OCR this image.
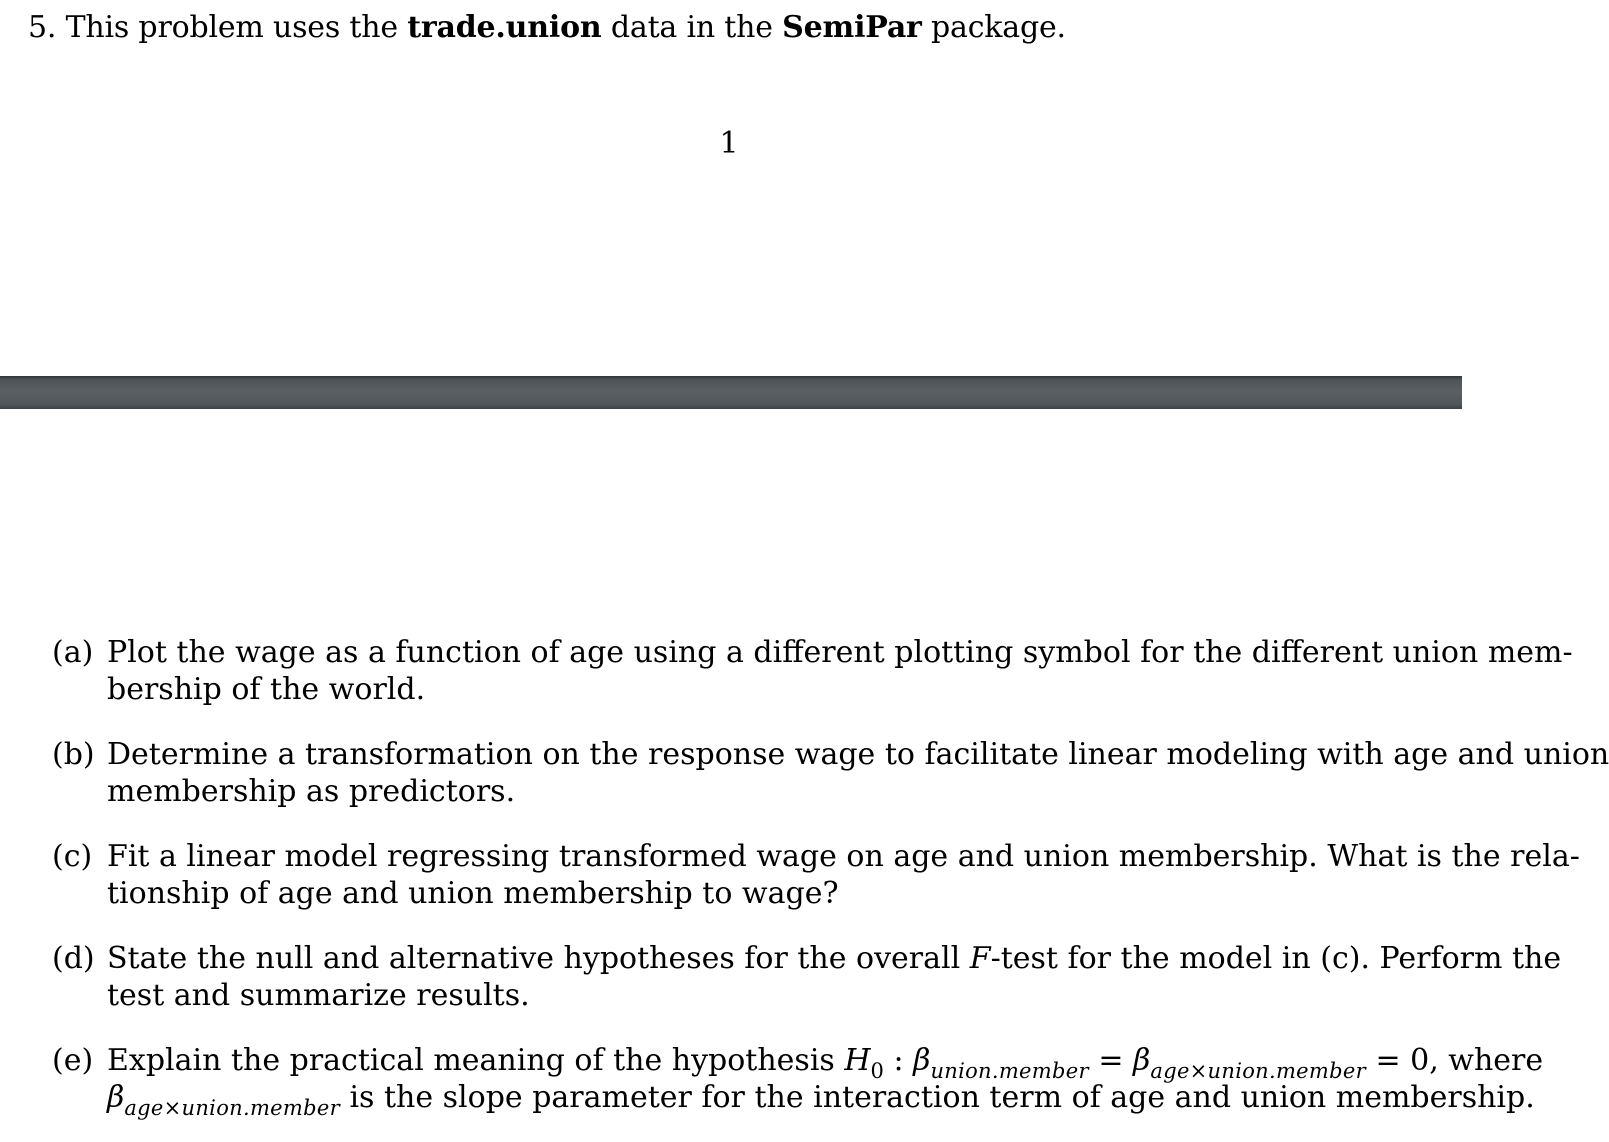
5. This problem uses the trade.union data in the SemiPar package.
1
(a) Plot the wage as a function of age using a different plotting symbol for the different union mem-
bership of the world.
(b) Determine a transformation on the response wage to facilitate linear modeling with age and union
membership as predictors.
(c) Fit a linear model regressing transformed wage on age and union membership. What is the rela-
tionship of age and union membership to wage?
(d) State the null and alternative hypotheses for the overall F-test for the model in (c). Perform the
test and summarize results.
(e) Explain the practical meaning of the hypothesis $H_0$ : $\beta_{union.member} = \beta_{age\times union.member} = 0$, where
$\beta_{age\times union.member}$ is the slope parameter for the interaction term of age and union membership.
